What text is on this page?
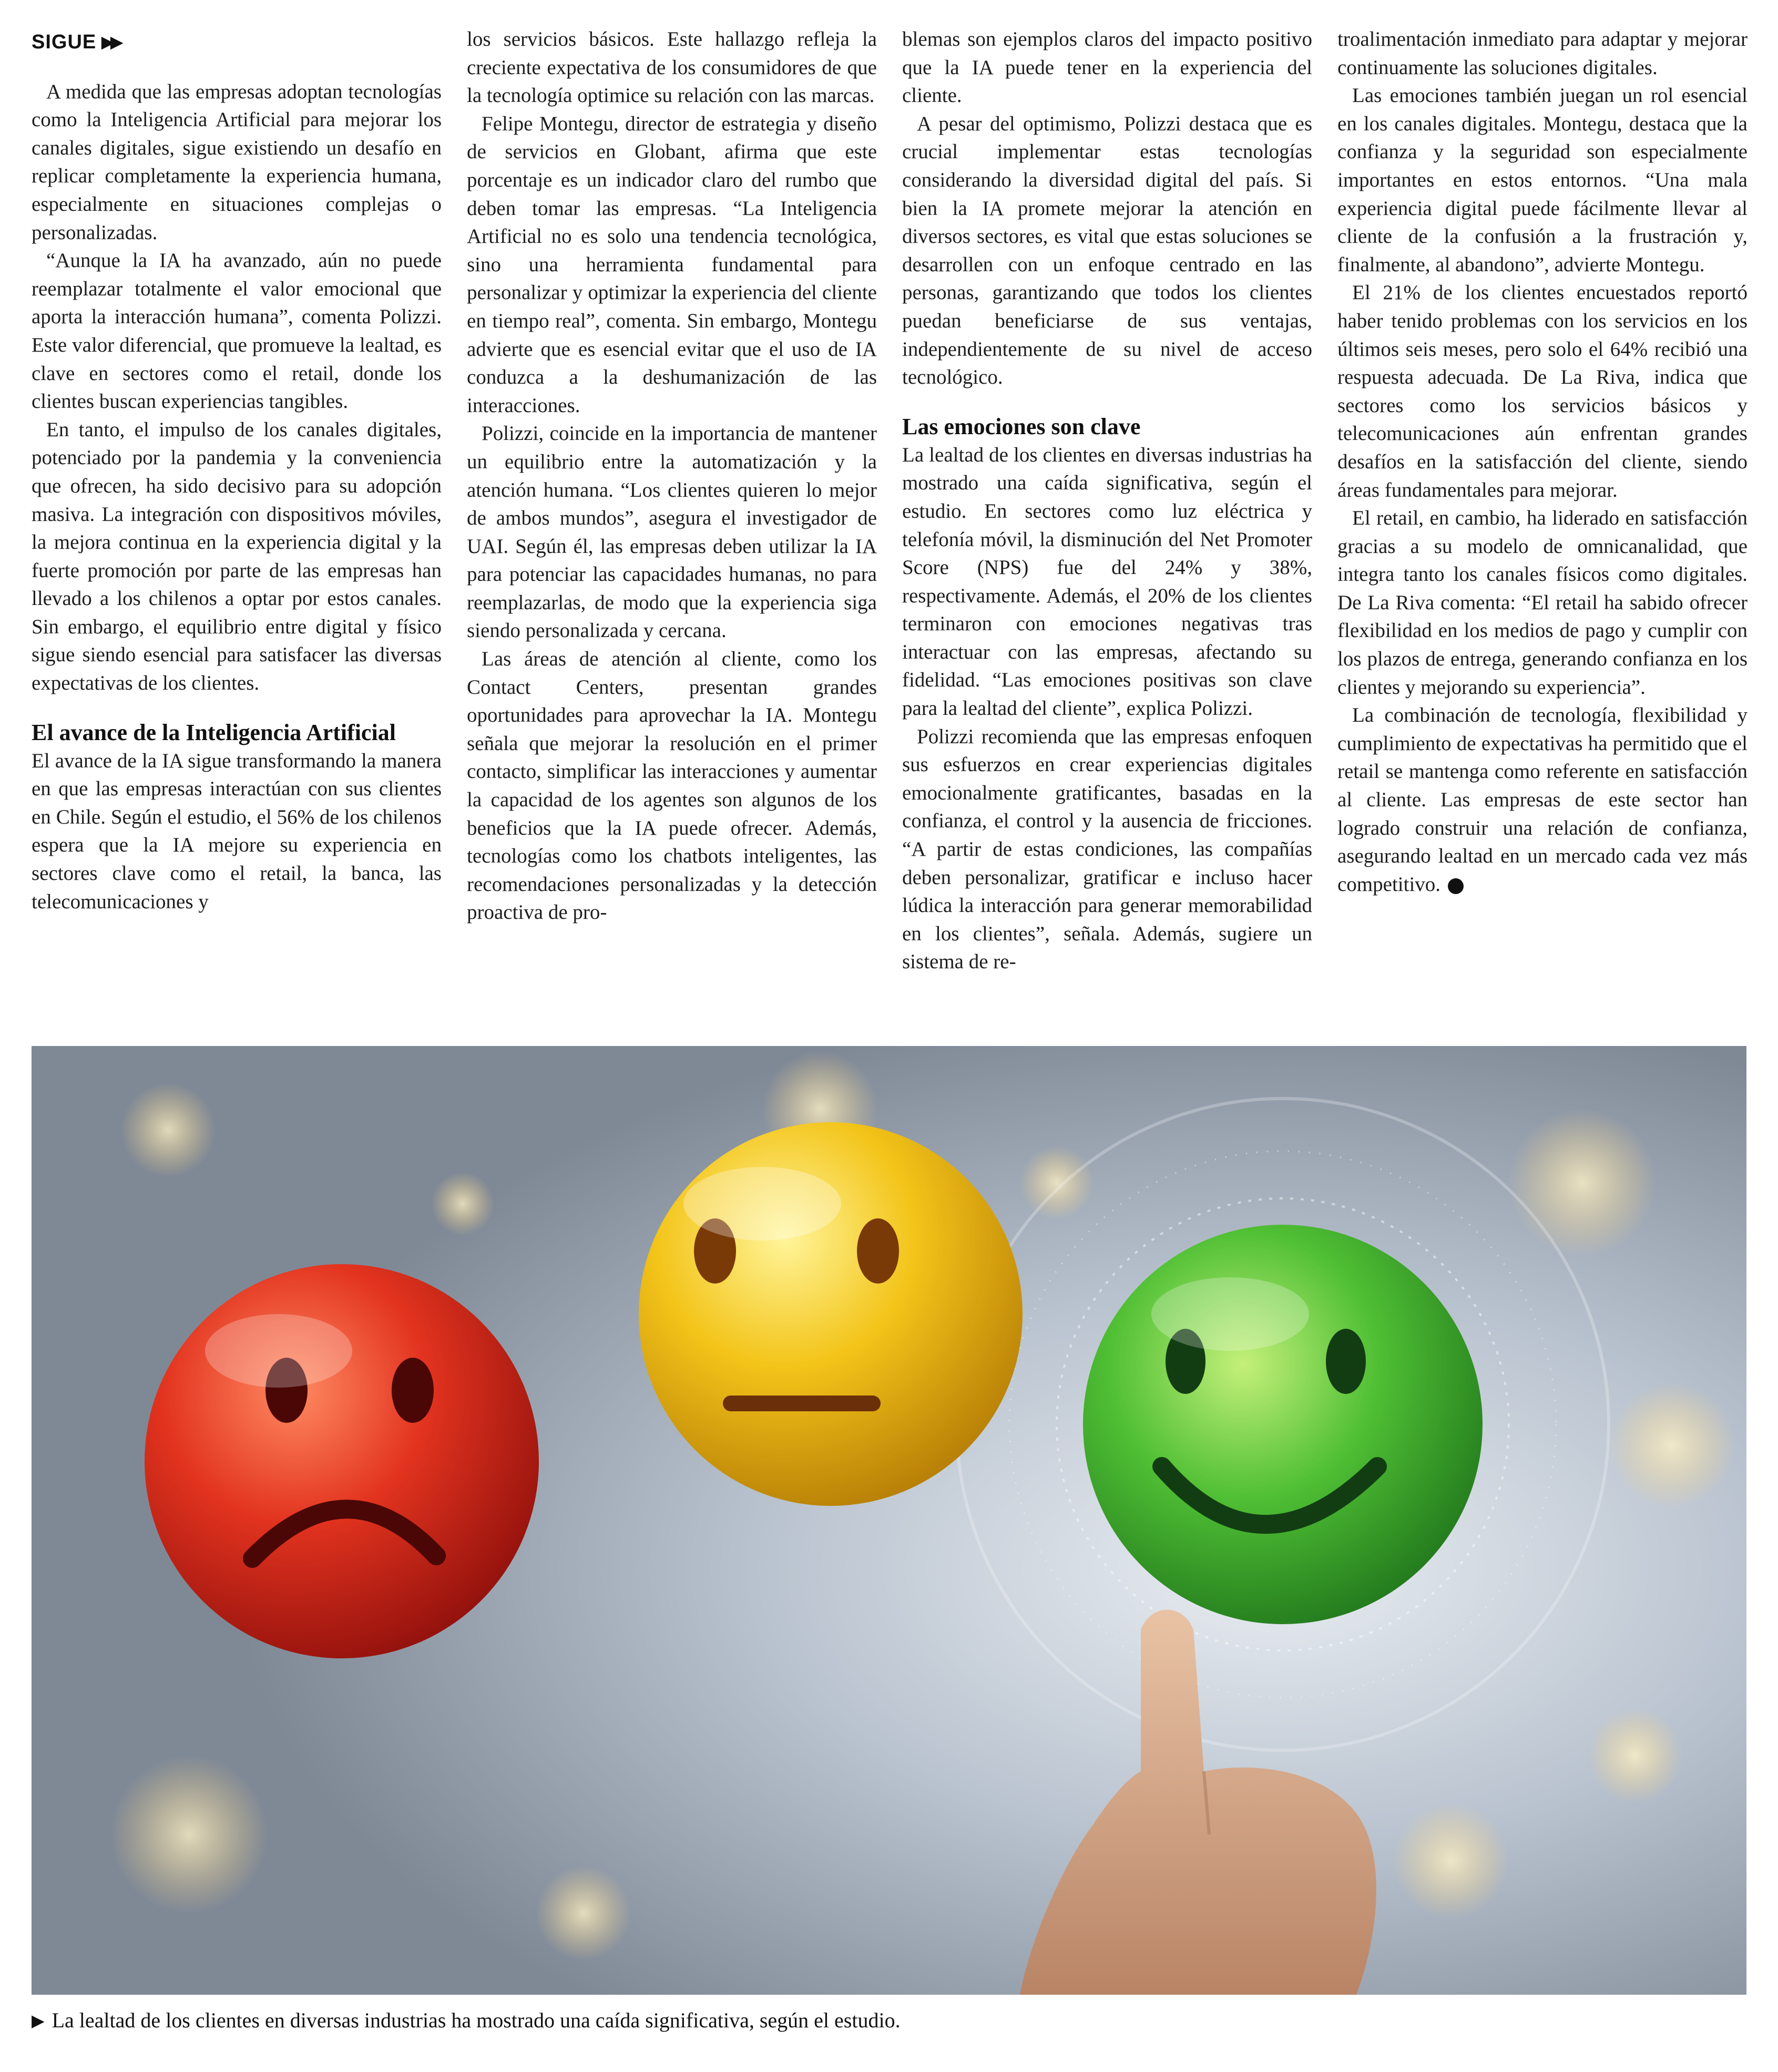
SIGUE ▶▶

A medida que las empresas adoptan tecnologías como la Inteligencia Artificial para mejorar los canales digitales, sigue existiendo un desafío en replicar completamente la experiencia humana, especialmente en situaciones complejas o personalizadas.

“Aunque la IA ha avanzado, aún no puede reemplazar totalmente el valor emocional que aporta la interacción humana”, comenta Polizzi. Este valor diferencial, que promueve la lealtad, es clave en sectores como el retail, donde los clientes buscan experiencias tangibles.

En tanto, el impulso de los canales digitales, potenciado por la pandemia y la conveniencia que ofrecen, ha sido decisivo para su adopción masiva. La integración con dispositivos móviles, la mejora continua en la experiencia digital y la fuerte promoción por parte de las empresas han llevado a los chilenos a optar por estos canales. Sin embargo, el equilibrio entre digital y físico sigue siendo esencial para satisfacer las diversas expectativas de los clientes.

El avance de la Inteligencia Artificial

El avance de la IA sigue transformando la manera en que las empresas interactúan con sus clientes en Chile. Según el estudio, el 56% de los chilenos espera que la IA mejore su experiencia en sectores clave como el retail, la banca, las telecomunicaciones y

los servicios básicos. Este hallazgo refleja la creciente expectativa de los consumidores de que la tecnología optimice su relación con las marcas.

Felipe Montegu, director de estrategia y diseño de servicios en Globant, afirma que este porcentaje es un indicador claro del rumbo que deben tomar las empresas. “La Inteligencia Artificial no es solo una tendencia tecnológica, sino una herramienta fundamental para personalizar y optimizar la experiencia del cliente en tiempo real”, comenta. Sin embargo, Montegu advierte que es esencial evitar que el uso de IA conduzca a la deshumanización de las interacciones.

Polizzi, coincide en la importancia de mantener un equilibrio entre la automatización y la atención humana. “Los clientes quieren lo mejor de ambos mundos”, asegura el investigador de UAI. Según él, las empresas deben utilizar la IA para potenciar las capacidades humanas, no para reemplazarlas, de modo que la experiencia siga siendo personalizada y cercana.

Las áreas de atención al cliente, como los Contact Centers, presentan grandes oportunidades para aprovechar la IA. Montegu señala que mejorar la resolución en el primer contacto, simplificar las interacciones y aumentar la capacidad de los agentes son algunos de los beneficios que la IA puede ofrecer. Además, tecnologías como los chatbots inteligentes, las recomendaciones personalizadas y la detección proactiva de pro-

blemas son ejemplos claros del impacto positivo que la IA puede tener en la experiencia del cliente.

A pesar del optimismo, Polizzi destaca que es crucial implementar estas tecnologías considerando la diversidad digital del país. Si bien la IA promete mejorar la atención en diversos sectores, es vital que estas soluciones se desarrollen con un enfoque centrado en las personas, garantizando que todos los clientes puedan beneficiarse de sus ventajas, independientemente de su nivel de acceso tecnológico.

Las emociones son clave

La lealtad de los clientes en diversas industrias ha mostrado una caída significativa, según el estudio. En sectores como luz eléctrica y telefonía móvil, la disminución del Net Promoter Score (NPS) fue del 24% y 38%, respectivamente. Además, el 20% de los clientes terminaron con emociones negativas tras interactuar con las empresas, afectando su fidelidad. “Las emociones positivas son clave para la lealtad del cliente”, explica Polizzi.

Polizzi recomienda que las empresas enfoquen sus esfuerzos en crear experiencias digitales emocionalmente gratificantes, basadas en la confianza, el control y la ausencia de fricciones. “A partir de estas condiciones, las compañías deben personalizar, gratificar e incluso hacer lúdica la interacción para generar memorabilidad en los clientes”, señala. Además, sugiere un sistema de re-

troalimentación inmediato para adaptar y mejorar continuamente las soluciones digitales.

Las emociones también juegan un rol esencial en los canales digitales. Montegu, destaca que la confianza y la seguridad son especialmente importantes en estos entornos. “Una mala experiencia digital puede fácilmente llevar al cliente de la confusión a la frustración y, finalmente, al abandono”, advierte Montegu.

El 21% de los clientes encuestados reportó haber tenido problemas con los servicios en los últimos seis meses, pero solo el 64% recibió una respuesta adecuada. De La Riva, indica que sectores como los servicios básicos y telecomunicaciones aún enfrentan grandes desafíos en la satisfacción del cliente, siendo áreas fundamentales para mejorar.

El retail, en cambio, ha liderado en satisfacción gracias a su modelo de omnicanalidad, que integra tanto los canales físicos como digitales. De La Riva comenta: “El retail ha sabido ofrecer flexibilidad en los medios de pago y cumplir con los plazos de entrega, generando confianza en los clientes y mejorando su experiencia”.

La combinación de tecnología, flexibilidad y cumplimiento de expectativas ha permitido que el retail se mantenga como referente en satisfacción al cliente. Las empresas de este sector han logrado construir una relación de confianza, asegurando lealtad en un mercado cada vez más competitivo.

▶ La lealtad de los clientes en diversas industrias ha mostrado una caída significativa, según el estudio.
